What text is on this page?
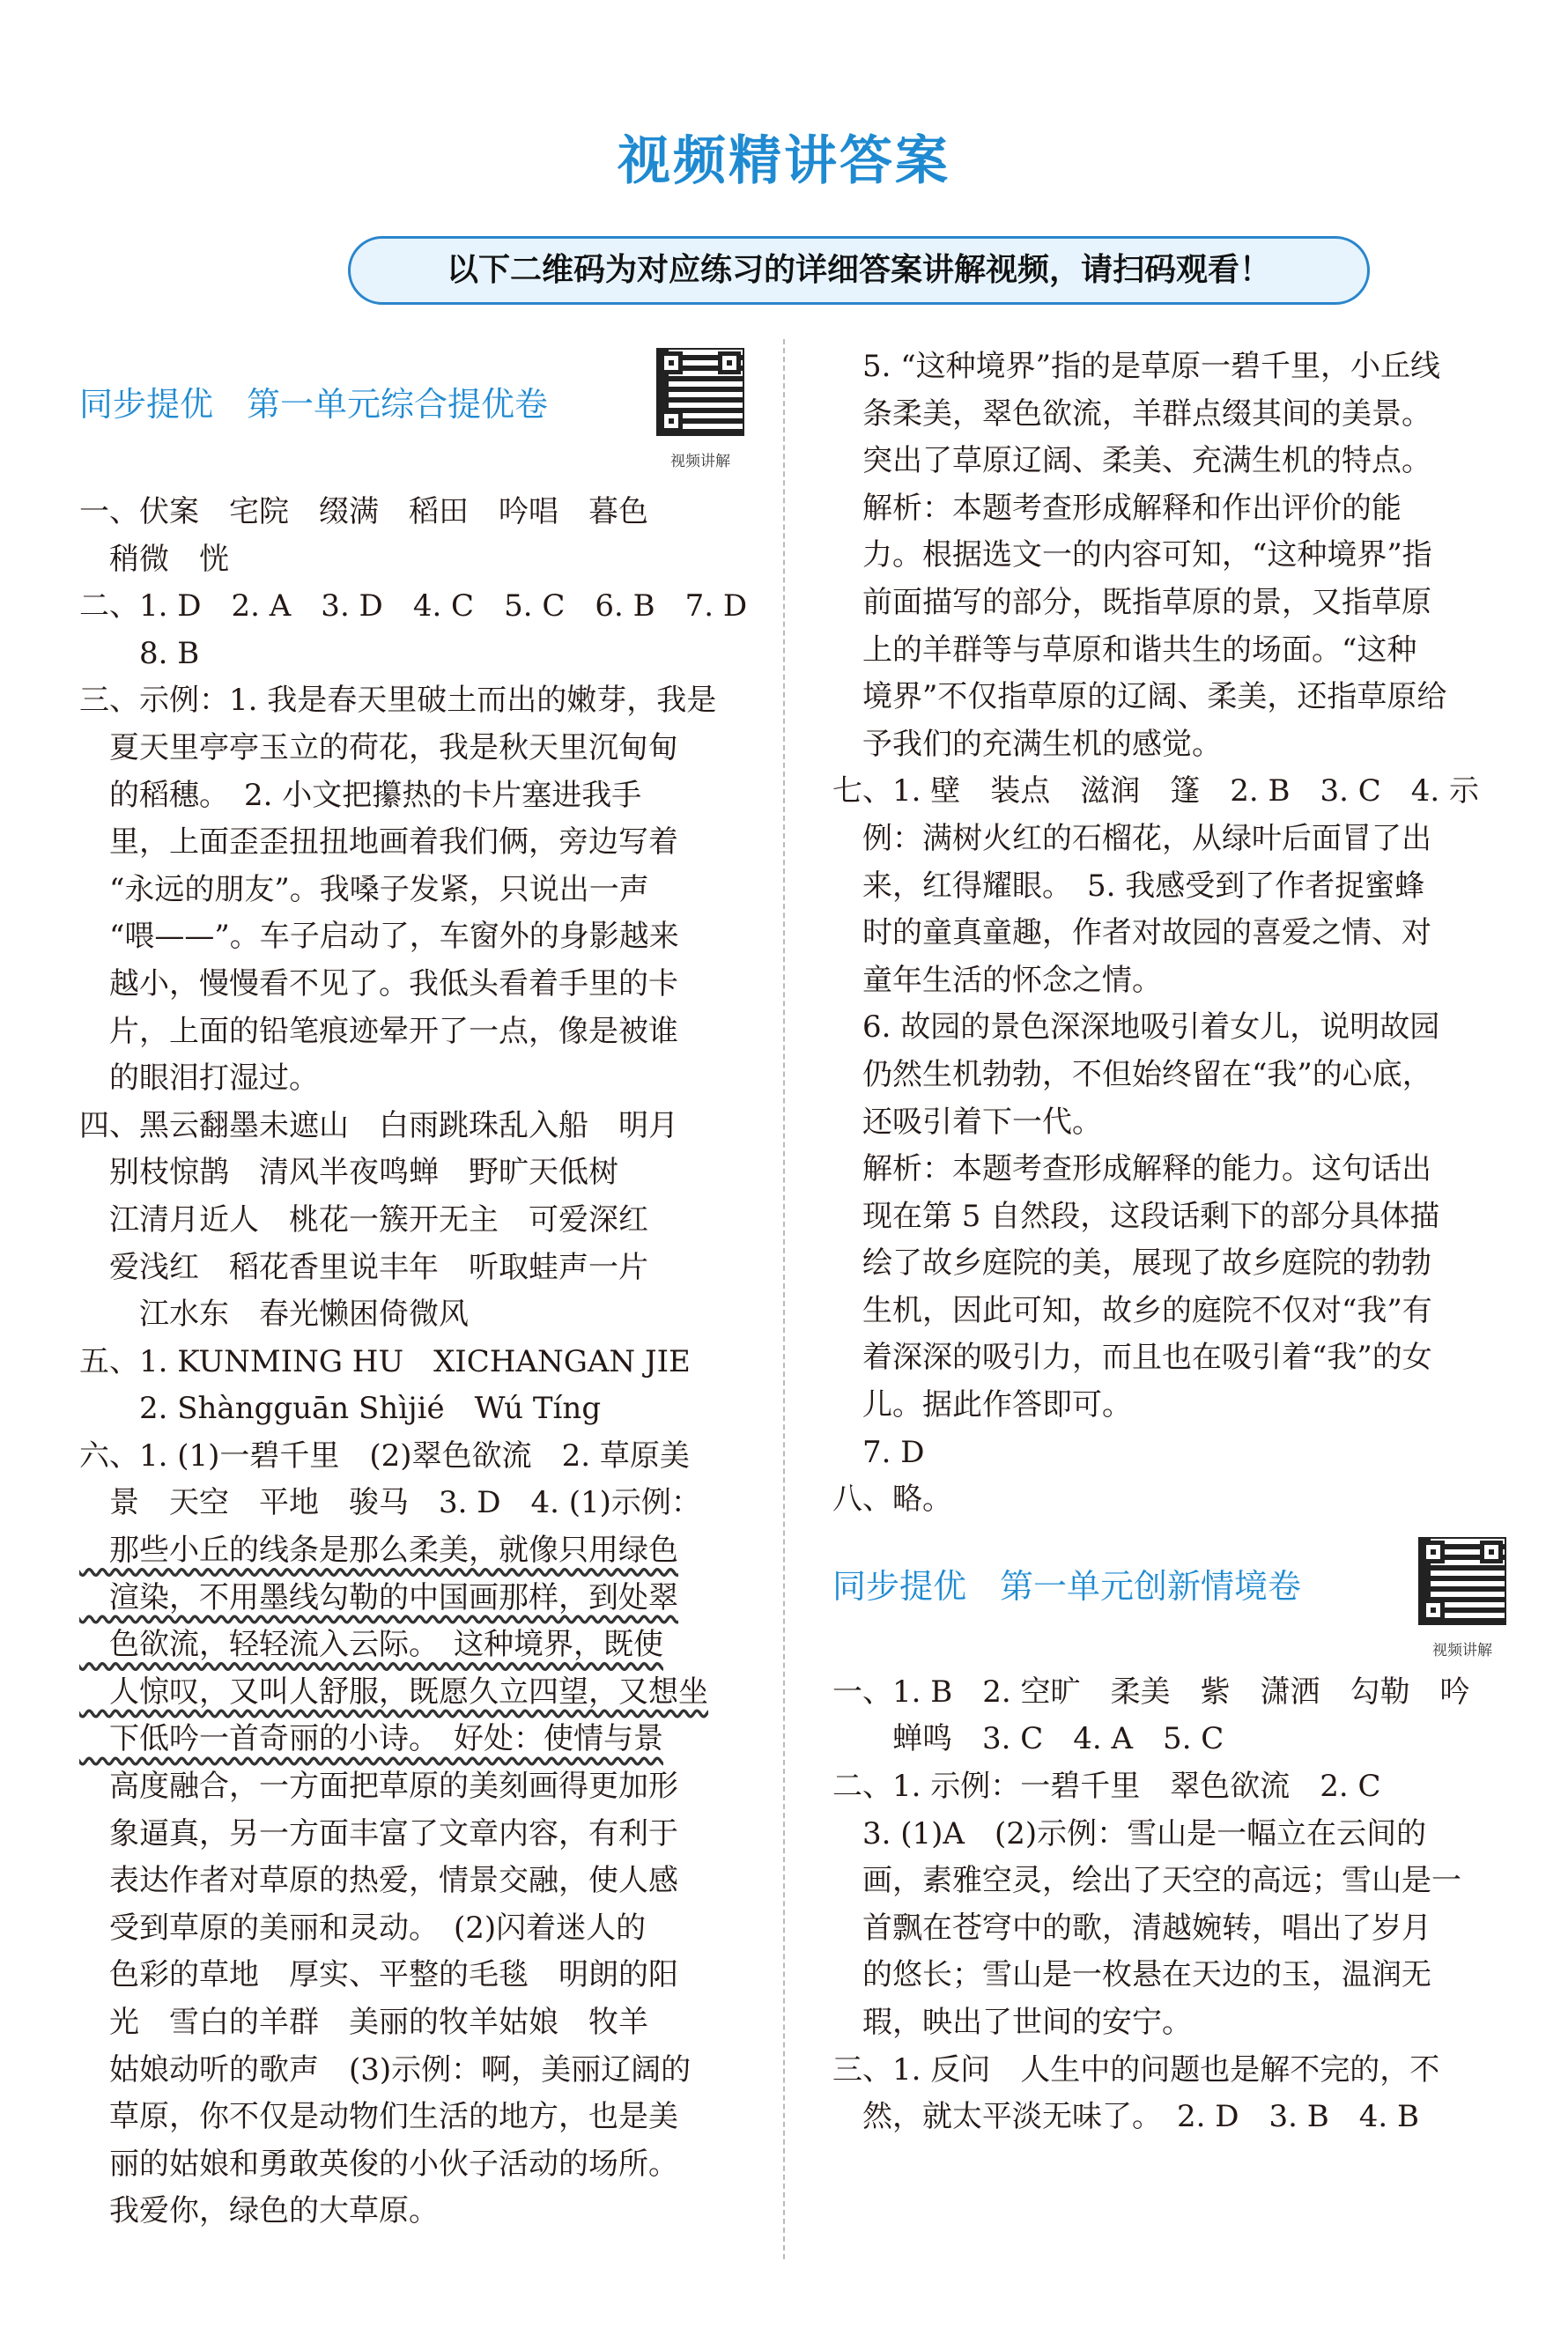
视频精讲答案
以下二维码为对应练习的详细答案讲解视频，请扫码观看！
同步提优　第一单元综合提优卷
视频讲解
一、伏案　宅院　缀满　稻田　吟唱　暮色
　稍微　恍
二、1. D　2. A　3. D　4. C　5. C　6. B　7. D
　　8. B
三、示例：1. 我是春天里破土而出的嫩芽，我是
　夏天里亭亭玉立的荷花，我是秋天里沉甸甸
　的稻穗。　2. 小文把攥热的卡片塞进我手
　里，上面歪歪扭扭地画着我们俩，旁边写着
　“永远的朋友”。我嗓子发紧，只说出一声
　“喂——”。车子启动了，车窗外的身影越来
　越小，慢慢看不见了。我低头看着手里的卡
　片，上面的铅笔痕迹晕开了一点，像是被谁
　的眼泪打湿过。
四、黑云翻墨未遮山　白雨跳珠乱入船　明月
　别枝惊鹊　清风半夜鸣蝉　野旷天低树
　江清月近人　桃花一簇开无主　可爱深红
　爱浅红　稻花香里说丰年　听取蛙声一片
　　江水东　春光懒困倚微风
五、1. KUNMING HU　XICHANGAN JIE
　　2. Shàngguān Shìjié　Wú Tíng
六、1. (1)一碧千里　(2)翠色欲流　2. 草原美
　景　天空　平地　骏马　3. D　4. (1)示例：
　那些小丘的线条是那么柔美，就像只用绿色
　渲染，不用墨线勾勒的中国画那样，到处翠
　色欲流，轻轻流入云际。　这种境界，既使
　人惊叹，又叫人舒服，既愿久立四望，又想坐
　下低吟一首奇丽的小诗。　好处：使情与景
　高度融合，一方面把草原的美刻画得更加形
　象逼真，另一方面丰富了文章内容，有利于
　表达作者对草原的热爱，情景交融，使人感
　受到草原的美丽和灵动。　(2)闪着迷人的
　色彩的草地　厚实、平整的毛毯　明朗的阳
　光　雪白的羊群　美丽的牧羊姑娘　牧羊
　姑娘动听的歌声　(3)示例：啊，美丽辽阔的
　草原，你不仅是动物们生活的地方，也是美
　丽的姑娘和勇敢英俊的小伙子活动的场所。
　我爱你，绿色的大草原。
　5. “这种境界”指的是草原一碧千里，小丘线
　条柔美，翠色欲流，羊群点缀其间的美景。
　突出了草原辽阔、柔美、充满生机的特点。
　解析：本题考查形成解释和作出评价的能
　力。根据选文一的内容可知，“这种境界”指
　前面描写的部分，既指草原的景，又指草原
　上的羊群等与草原和谐共生的场面。“这种
　境界”不仅指草原的辽阔、柔美，还指草原给
　予我们的充满生机的感觉。
七、1. 壁　装点　滋润　篷　2. B　3. C　4. 示
　例：满树火红的石榴花，从绿叶后面冒了出
　来，红得耀眼。　5. 我感受到了作者捉蜜蜂
　时的童真童趣，作者对故园的喜爱之情、对
　童年生活的怀念之情。
　6. 故园的景色深深地吸引着女儿，说明故园
　仍然生机勃勃，不但始终留在“我”的心底，
　还吸引着下一代。
　解析：本题考查形成解释的能力。这句话出
　现在第 5 自然段，这段话剩下的部分具体描
　绘了故乡庭院的美，展现了故乡庭院的勃勃
　生机，因此可知，故乡的庭院不仅对“我”有
　着深深的吸引力，而且也在吸引着“我”的女
　儿。据此作答即可。
　7. D
八、略。
同步提优　第一单元创新情境卷
视频讲解
一、1. B　2. 空旷　柔美　紫　潇洒　勾勒　吟
　　蝉鸣　3. C　4. A　5. C
二、1. 示例：一碧千里　翠色欲流　2. C
　3. (1)A　(2)示例：雪山是一幅立在云间的
　画，素雅空灵，绘出了天空的高远；雪山是一
　首飘在苍穹中的歌，清越婉转，唱出了岁月
　的悠长；雪山是一枚悬在天边的玉，温润无
　瑕，映出了世间的安宁。
三、1. 反问　人生中的问题也是解不完的，不
　然，就太平淡无味了。　2. D　3. B　4. B
